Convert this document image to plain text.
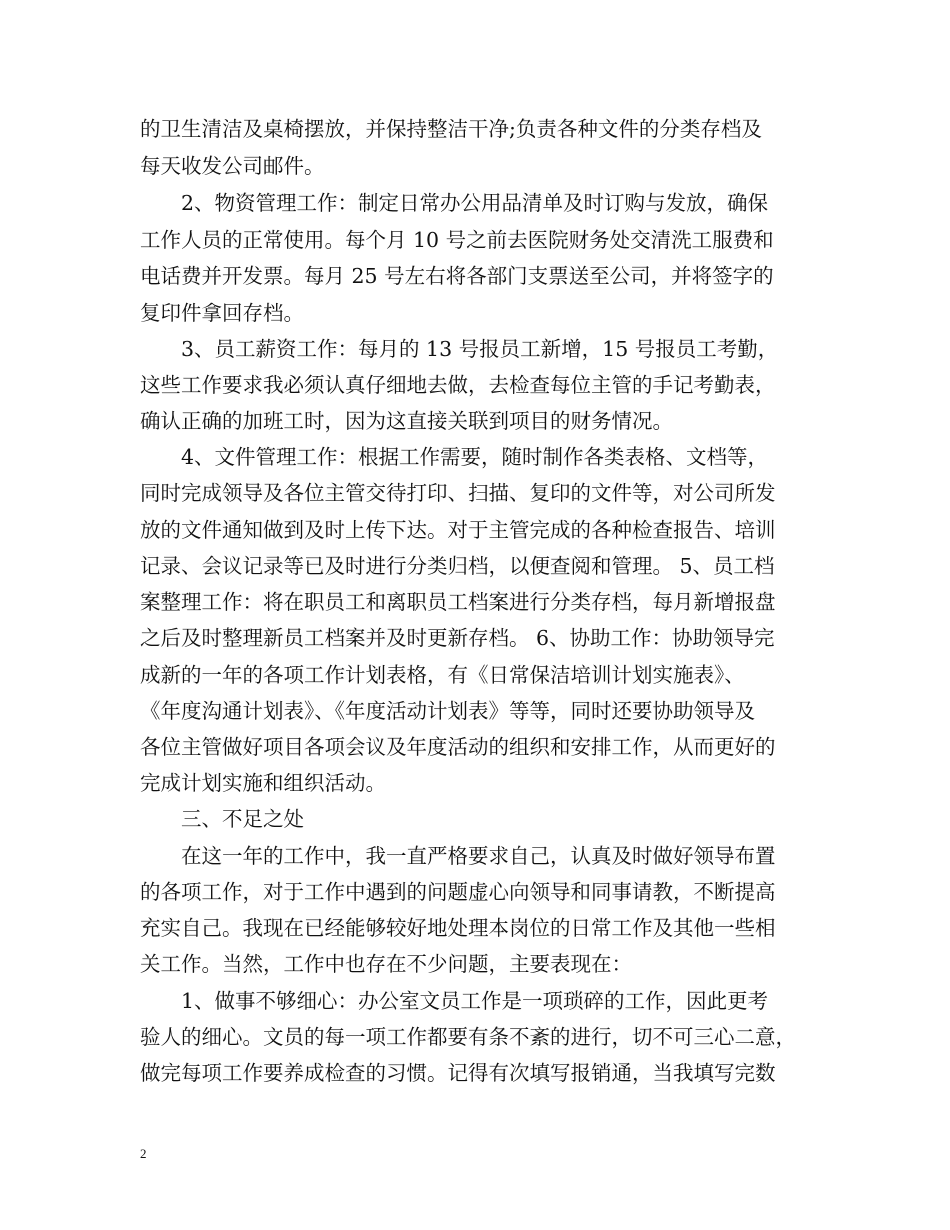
的卫生清洁及桌椅摆放，并保持整洁干净;负责各种文件的分类存档及
每天收发公司邮件。
　　2、物资管理工作：制定日常办公用品清单及时订购与发放，确保
工作人员的正常使用。每个月 10 号之前去医院财务处交清洗工服费和
电话费并开发票。每月 25 号左右将各部门支票送至公司，并将签字的
复印件拿回存档。
　　3、员工薪资工作：每月的 13 号报员工新增，15 号报员工考勤，
这些工作要求我必须认真仔细地去做，去检查每位主管的手记考勤表，
确认正确的加班工时，因为这直接关联到项目的财务情况。
　　4、文件管理工作：根据工作需要，随时制作各类表格、文档等，
同时完成领导及各位主管交待打印、扫描、复印的文件等，对公司所发
放的文件通知做到及时上传下达。对于主管完成的各种检查报告、培训
记录、会议记录等已及时进行分类归档，以便查阅和管理。 5、员工档
案整理工作：将在职员工和离职员工档案进行分类存档，每月新增报盘
之后及时整理新员工档案并及时更新存档。 6、协助工作：协助领导完
成新的一年的各项工作计划表格，有《日常保洁培训计划实施表》、
《年度沟通计划表》、《年度活动计划表》等等，同时还要协助领导及
各位主管做好项目各项会议及年度活动的组织和安排工作，从而更好的
完成计划实施和组织活动。
　　三、不足之处
　　在这一年的工作中，我一直严格要求自己，认真及时做好领导布置
的各项工作，对于工作中遇到的问题虚心向领导和同事请教，不断提高
充实自己。我现在已经能够较好地处理本岗位的日常工作及其他一些相
关工作。当然，工作中也存在不少问题，主要表现在：
　　1、做事不够细心：办公室文员工作是一项琐碎的工作，因此更考
验人的细心。文员的每一项工作都要有条不紊的进行，切不可三心二意，
做完每项工作要养成检查的习惯。记得有次填写报销通，当我填写完数
2
